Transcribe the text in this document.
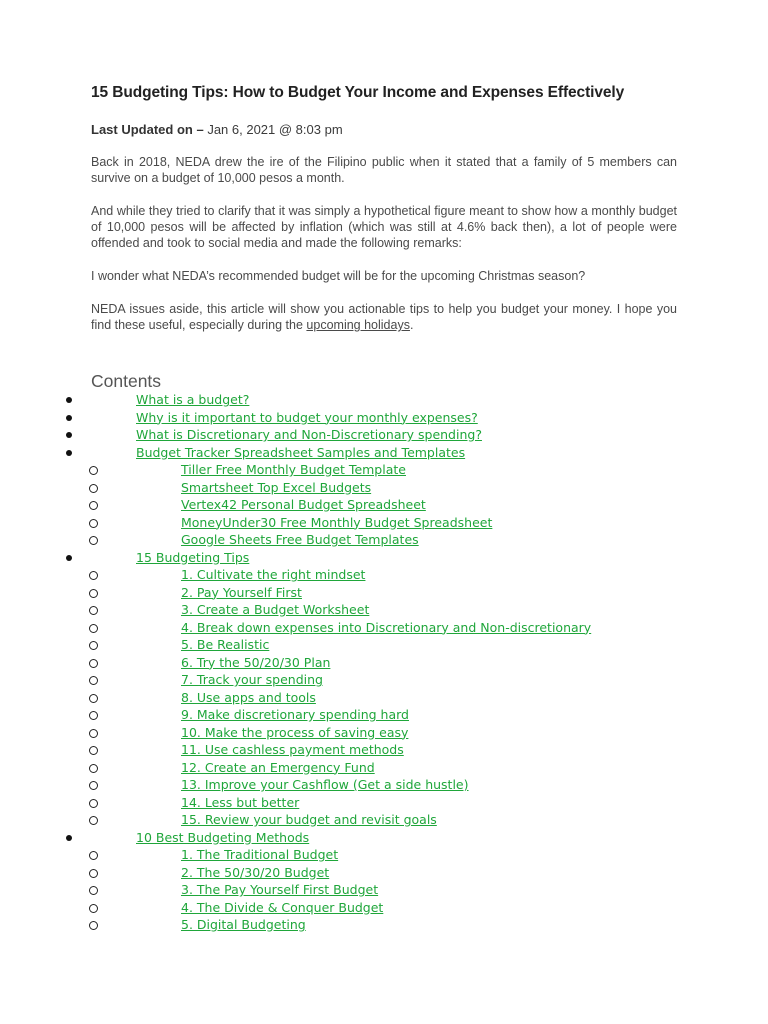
15 Budgeting Tips: How to Budget Your Income and Expenses Effectively
Last Updated on – Jan 6, 2021 @ 8:03 pm

Back in 2018, NEDA drew the ire of the Filipino public when it stated that a family of 5 members can survive on a budget of 10,000 pesos a month.

And while they tried to clarify that it was simply a hypothetical figure meant to show how a monthly budget of 10,000 pesos will be affected by inflation (which was still at 4.6% back then), a lot of people were offended and took to social media and made the following remarks:

I wonder what NEDA’s recommended budget will be for the upcoming Christmas season?

NEDA issues aside, this article will show you actionable tips to help you budget your money. I hope you find these useful, especially during the upcoming holidays.

Contents
What is a budget?
Why is it important to budget your monthly expenses?
What is Discretionary and Non-Discretionary spending?
Budget Tracker Spreadsheet Samples and Templates
Tiller Free Monthly Budget Template
Smartsheet Top Excel Budgets
Vertex42 Personal Budget Spreadsheet
MoneyUnder30 Free Monthly Budget Spreadsheet
Google Sheets Free Budget Templates
15 Budgeting Tips
1. Cultivate the right mindset
2. Pay Yourself First
3. Create a Budget Worksheet
4. Break down expenses into Discretionary and Non-discretionary
5. Be Realistic
6. Try the 50/20/30 Plan
7. Track your spending
8. Use apps and tools
9. Make discretionary spending hard
10. Make the process of saving easy
11. Use cashless payment methods
12. Create an Emergency Fund
13. Improve your Cashflow (Get a side hustle)
14. Less but better
15. Review your budget and revisit goals
10 Best Budgeting Methods
1. The Traditional Budget
2. The 50/30/20 Budget
3. The Pay Yourself First Budget
4. The Divide & Conquer Budget
5. Digital Budgeting
